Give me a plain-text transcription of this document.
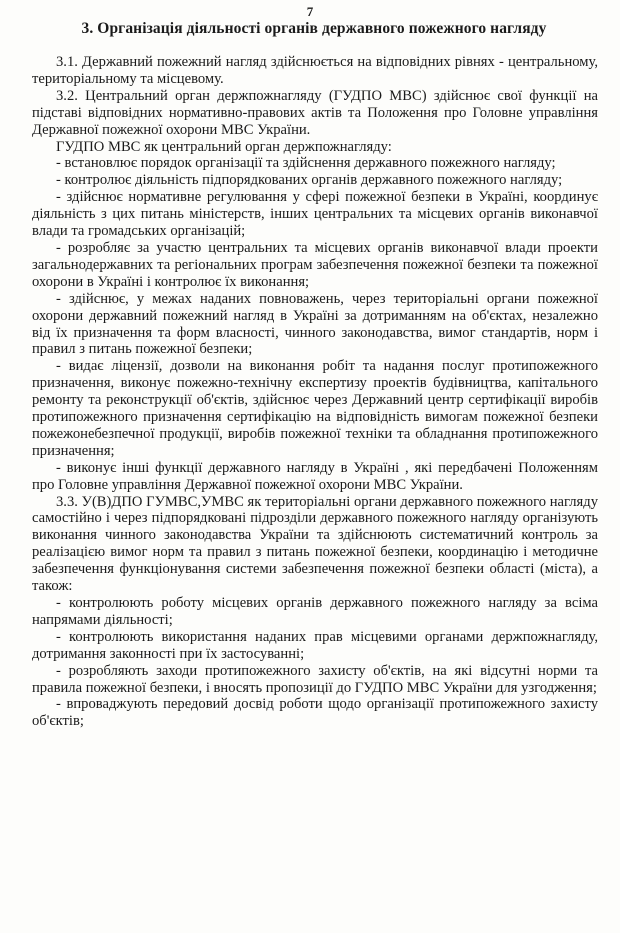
7
3. Організація діяльності органів державного пожежного нагляду

3.1. Державний пожежний нагляд здійснюється на відповідних рівнях - центральному, територіальному та місцевому.

3.2. Центральний орган держпожнагляду (ГУДПО МВС) здійснює свої функції на підставі відповідних нормативно-правових актів та Положення про Головне управління Державної пожежної охорони МВС України.

ГУДПО МВС як центральний орган держпожнагляду:

- встановлює порядок організації та здійснення державного пожежного нагляду;

- контролює діяльність підпорядкованих органів державного пожежного нагляду;

- здійснює нормативне регулювання у сфері пожежної безпеки в Україні, координує діяльність з цих питань міністерств, інших центральних та місцевих органів виконавчої влади та громадських організацій;

- розробляє за участю центральних та місцевих органів виконавчої влади проекти загальнодержавних та регіональних програм забезпечення пожежної безпеки та пожежної охорони в Україні і контролює їх виконання;

- здійснює, у межах наданих повноважень, через територіальні органи пожежної охорони державний пожежний нагляд в Україні за дотриманням на об'єктах, незалежно від їх призначення та форм власності, чинного законодавства, вимог стандартів, норм і правил з питань пожежної безпеки;

- видає ліцензії, дозволи на виконання робіт та надання послуг протипожежного призначення, виконує пожежно-технічну експертизу проектів будівництва, капітального ремонту та реконструкції об'єктів, здійснює через Державний центр сертифікації виробів протипожежного призначення сертифікацію на відповідність вимогам пожежної безпеки пожежонебезпечної продукції, виробів пожежної техніки та обладнання протипожежного призначення;

- виконує інші функції державного нагляду в Україні , які передбачені Положенням про Головне управління Державної пожежної охорони МВС України.

3.3. У(В)ДПО ГУМВС,УМВС як територіальні органи державного пожежного нагляду самостійно і через підпорядковані підрозділи державного пожежного нагляду організують виконання чинного законодавства України та здійснюють систематичний контроль за реалізацією вимог норм та правил з питань пожежної безпеки, координацію і методичне забезпечення функціонування системи забезпечення пожежної безпеки області (міста), а також:

- контролюють роботу місцевих органів державного пожежного нагляду за всіма напрямами діяльності;

- контролюють використання наданих прав місцевими органами держпожнагляду, дотримання законності при їх застосуванні;

- розробляють заходи протипожежного захисту об'єктів, на які відсутні норми та правила пожежної безпеки, і вносять пропозиції до ГУДПО МВС України для узгодження;

- впроваджують передовий досвід роботи щодо організації протипожежного захисту об'єктів;
